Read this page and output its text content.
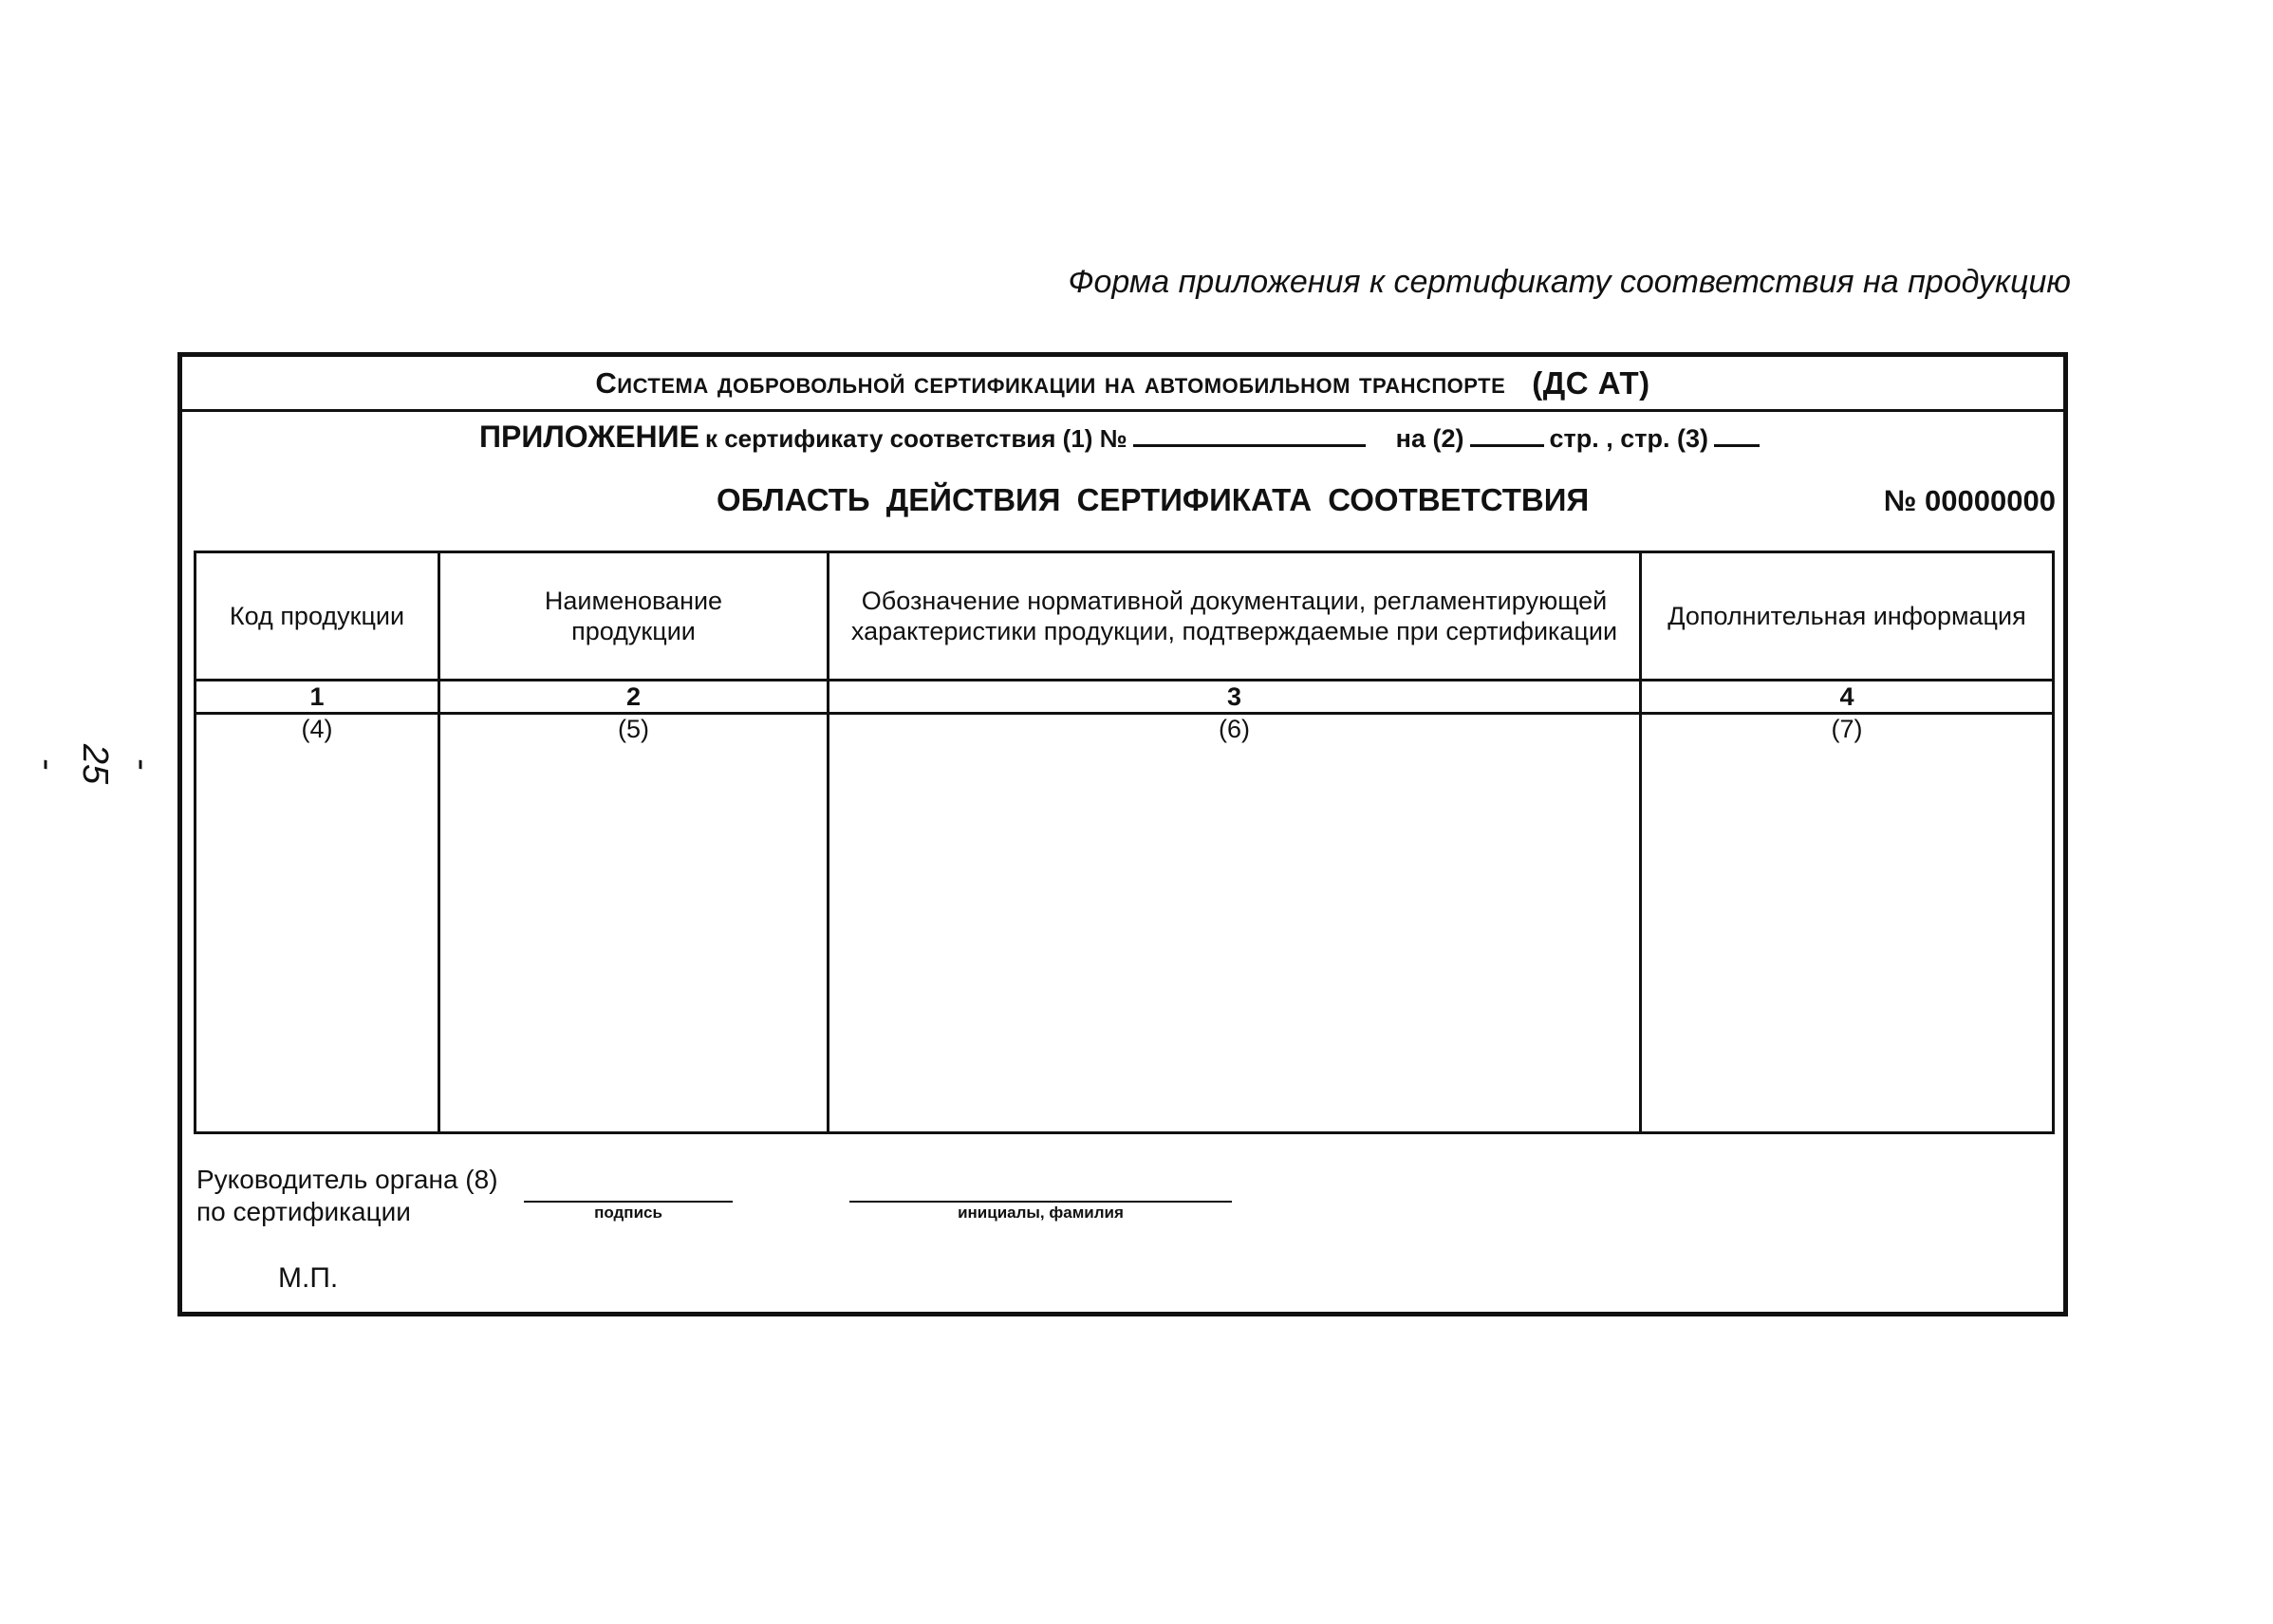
Форма приложения к сертификату соответствия на продукцию
- 25 -
Система добровольной сертификации на автомобильном транспорте (ДС АТ)
ПРИЛОЖЕНИЕ к сертификату соответствия (1) №	на (2)	стр. , стр. (3)
ОБЛАСТЬ ДЕЙСТВИЯ СЕРТИФИКАТА СООТВЕТСТВИЯ	№ 00000000
Код продукции	Наименование продукции	Обозначение нормативной документации, регламентирующей характеристики продукции, подтверждаемые при сертификации	Дополнительная информация
1	2	3	4
(4)	(5)	(6)	(7)
Руководитель органа (8)
по сертификации	подпись	инициалы, фамилия
М.П.
